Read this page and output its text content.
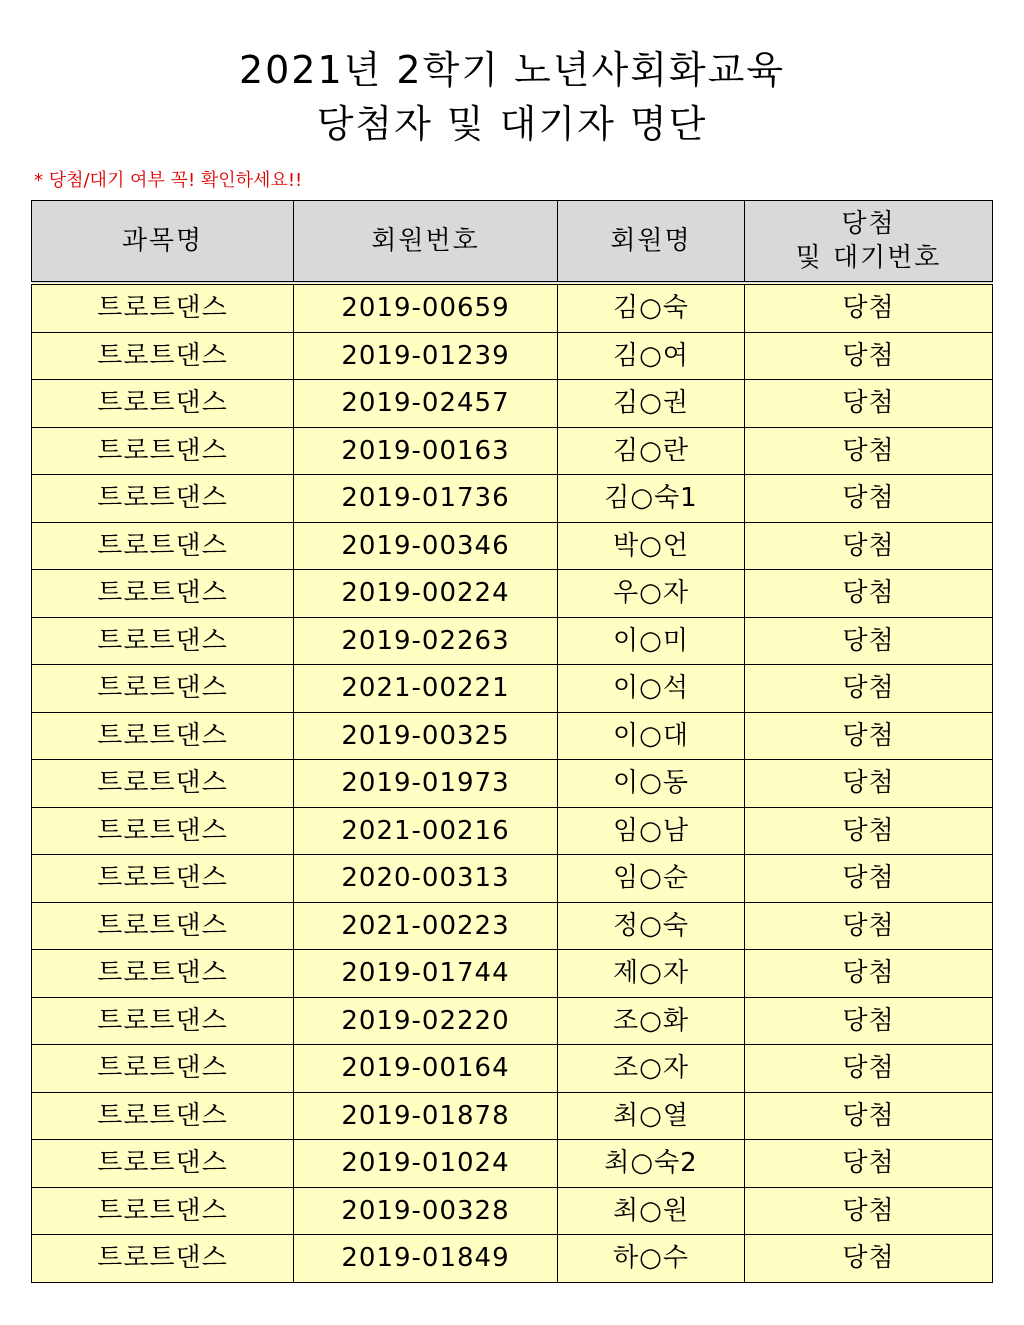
2021년 2학기 노년사회화교육
당첨자 및 대기자 명단
* 당첨/대기 여부 꼭! 확인하세요!!
과목명	회원번호	회원명	당첨
및 대기번호

트로트댄스	2019-00659	김○숙	당첨
트로트댄스	2019-01239	김○여	당첨
트로트댄스	2019-02457	김○권	당첨
트로트댄스	2019-00163	김○란	당첨
트로트댄스	2019-01736	김○숙1	당첨
트로트댄스	2019-00346	박○언	당첨
트로트댄스	2019-00224	우○자	당첨
트로트댄스	2019-02263	이○미	당첨
트로트댄스	2021-00221	이○석	당첨
트로트댄스	2019-00325	이○대	당첨
트로트댄스	2019-01973	이○동	당첨
트로트댄스	2021-00216	임○남	당첨
트로트댄스	2020-00313	임○순	당첨
트로트댄스	2021-00223	정○숙	당첨
트로트댄스	2019-01744	제○자	당첨
트로트댄스	2019-02220	조○화	당첨
트로트댄스	2019-00164	조○자	당첨
트로트댄스	2019-01878	최○열	당첨
트로트댄스	2019-01024	최○숙2	당첨
트로트댄스	2019-00328	최○원	당첨
트로트댄스	2019-01849	하○수	당첨
